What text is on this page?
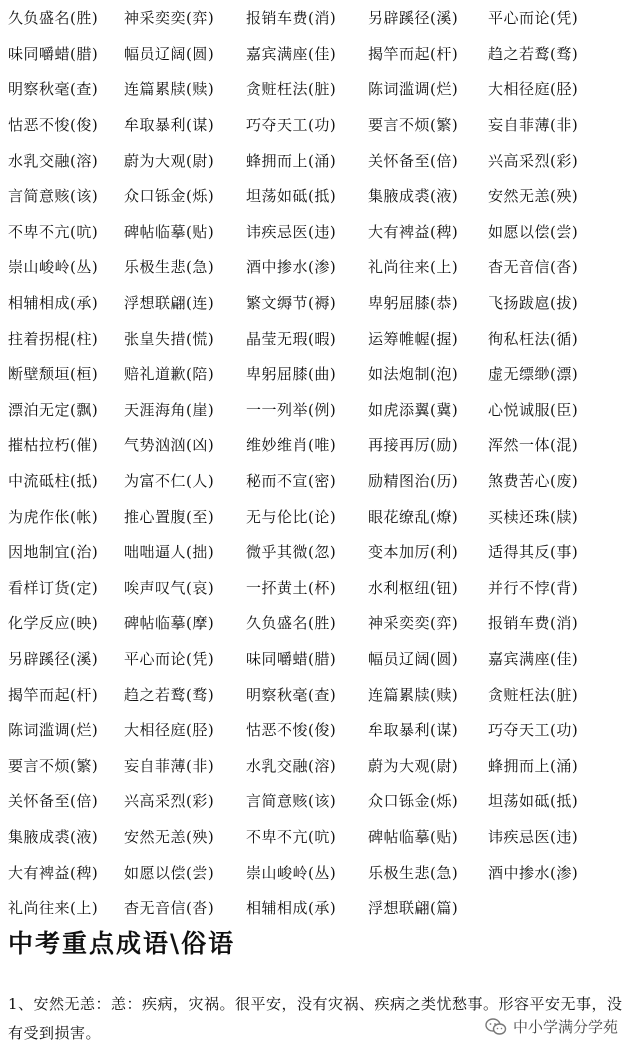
久负盛名(胜)	神采奕奕(弈)	报销车费(消)	另辟蹊径(溪)	平心而论(凭)
味同嚼蜡(腊)	幅员辽阔(圆)	嘉宾满座(佳)	揭竿而起(杆)	趋之若鹜(骛)
明察秋毫(查)	连篇累牍(赎)	贪赃枉法(脏)	陈词滥调(烂)	大相径庭(胫)
怙恶不悛(俊)	牟取暴利(谋)	巧夺天工(功)	要言不烦(繁)	妄自菲薄(非)
水乳交融(溶)	蔚为大观(尉)	蜂拥而上(涌)	关怀备至(倍)	兴高采烈(彩)
言简意赅(该)	众口铄金(烁)	坦荡如砥(抵)	集腋成裘(液)	安然无恙(殃)
不卑不亢(吭)	碑帖临摹(贴)	讳疾忌医(违)	大有裨益(稗)	如愿以偿(尝)
崇山峻岭(丛)	乐极生悲(急)	酒中掺水(渗)	礼尚往来(上)	杳无音信(沓)
相辅相成(承)	浮想联翩(连)	繁文缛节(褥)	卑躬屈膝(恭)	飞扬跋扈(拔)
拄着拐棍(柱)	张皇失措(慌)	晶莹无瑕(暇)	运筹帷幄(握)	徇私枉法(循)
断壁颓垣(桓)	赔礼道歉(陪)	卑躬屈膝(曲)	如法炮制(泡)	虚无缥缈(漂)
漂泊无定(飘)	天涯海角(崖)	一一列举(例)	如虎添翼(冀)	心悦诚服(臣)
摧枯拉朽(催)	气势汹汹(凶)	维妙维肖(唯)	再接再厉(励)	浑然一体(混)
中流砥柱(抵)	为富不仁(人)	秘而不宣(密)	励精图治(历)	煞费苦心(废)
为虎作伥(帐)	推心置腹(至)	无与伦比(论)	眼花缭乱(燎)	买椟还珠(牍)
因地制宜(治)	咄咄逼人(拙)	微乎其微(忽)	变本加厉(利)	适得其反(事)
看样订货(定)	唉声叹气(哀)	一抔黄土(杯)	水利枢纽(钮)	并行不悖(背)
化学反应(映)	碑帖临摹(摩)	久负盛名(胜)	神采奕奕(弈)	报销车费(消)
另辟蹊径(溪)	平心而论(凭)	味同嚼蜡(腊)	幅员辽阔(圆)	嘉宾满座(佳)
揭竿而起(杆)	趋之若鹜(骛)	明察秋毫(查)	连篇累牍(赎)	贪赃枉法(脏)
陈词滥调(烂)	大相径庭(胫)	怙恶不悛(俊)	牟取暴利(谋)	巧夺天工(功)
要言不烦(繁)	妄自菲薄(非)	水乳交融(溶)	蔚为大观(尉)	蜂拥而上(涌)
关怀备至(倍)	兴高采烈(彩)	言简意赅(该)	众口铄金(烁)	坦荡如砥(抵)
集腋成裘(液)	安然无恙(殃)	不卑不亢(吭)	碑帖临摹(贴)	讳疾忌医(违)
大有裨益(稗)	如愿以偿(尝)	崇山峻岭(丛)	乐极生悲(急)	酒中掺水(渗)
礼尚往来(上)	杳无音信(沓)	相辅相成(承)	浮想联翩(篇)
中考重点成语\俗语
1、安然无恙：恙：疾病，灾祸。很平安，没有灾祸、疾病之类忧愁事。形容平安无事，没有受到损害。	中小学满分学苑
